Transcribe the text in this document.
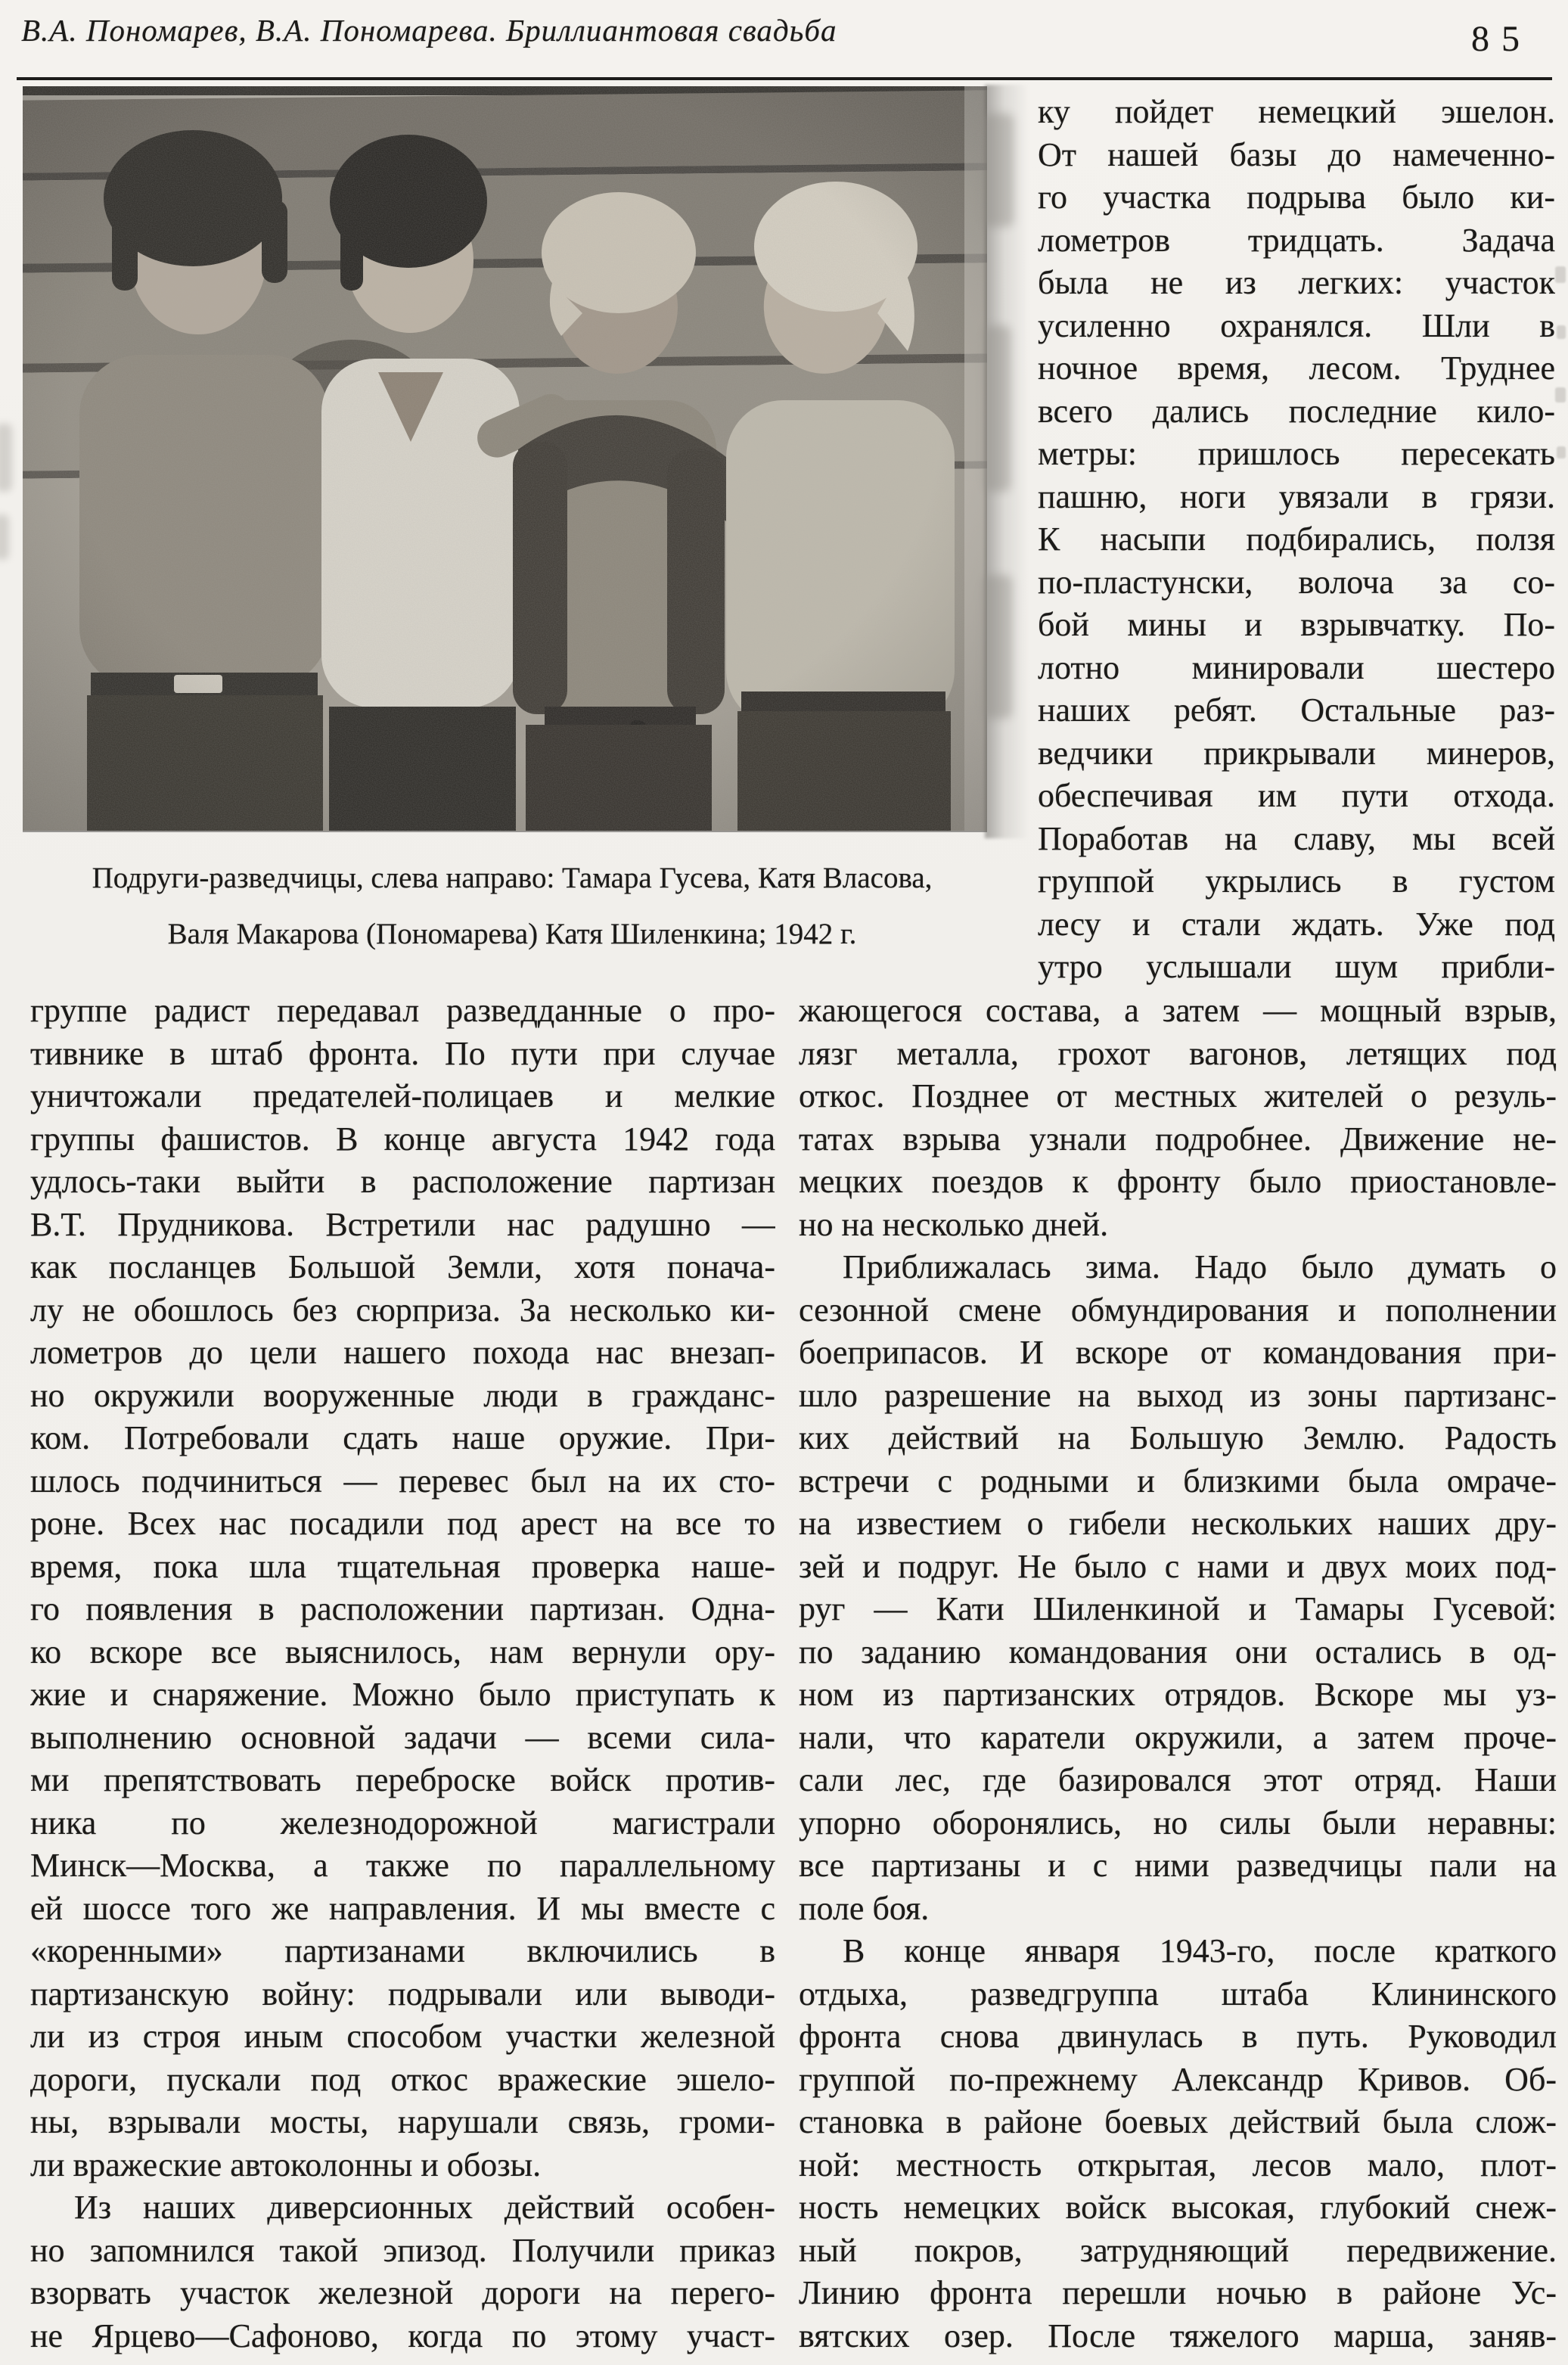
В.А. Пономарев, В.А. Пономарева. Бриллиантовая свадьба	85
Подруги-разведчицы, слева направо: Тамара Гусева, Катя Власова,
Валя Макарова (Пономарева) Катя Шиленкина; 1942 г.
ку пойдет немецкий эшелон.
От нашей базы до намеченно-
го участка подрыва было ки-
лометров тридцать. Задача
была не из легких: участок
усиленно охранялся. Шли в
ночное время, лесом. Труднее
всего дались последние кило-
метры: пришлось пересекать
пашню, ноги увязали в грязи.
К насыпи подбирались, ползя
по-пластунски, волоча за со-
бой мины и взрывчатку. По-
лотно минировали шестеро
наших ребят. Остальные раз-
ведчики прикрывали минеров,
обеспечивая им пути отхода.
Поработав на славу, мы всей
группой укрылись в густом
лесу и стали ждать. Уже под
утро услышали шум прибли-
группе радист передавал разведданные о про-
тивнике в штаб фронта. По пути при случае
уничтожали предателей-полицаев и мелкие
группы фашистов. В конце августа 1942 года
удлось-таки выйти в расположение партизан
В.Т. Прудникова. Встретили нас радушно —
как посланцев Большой Земли, хотя понача-
лу не обошлось без сюрприза. За несколько ки-
лометров до цели нашего похода нас внезап-
но окружили вооруженные люди в гражданс-
ком. Потребовали сдать наше оружие. При-
шлось подчиниться — перевес был на их сто-
роне. Всех нас посадили под арест на все то
время, пока шла тщательная проверка наше-
го появления в расположении партизан. Одна-
ко вскоре все выяснилось, нам вернули ору-
жие и снаряжение. Можно было приступать к
выполнению основной задачи — всеми сила-
ми препятствовать переброске войск против-
ника по железнодорожной магистрали
Минск—Москва, а также по параллельному
ей шоссе того же направления. И мы вместе с
«коренными» партизанами включились в
партизанскую войну: подрывали или выводи-
ли из строя иным способом участки железной
дороги, пускали под откос вражеские эшело-
ны, взрывали мосты, нарушали связь, громи-
ли вражеские автоколонны и обозы.
Из наших диверсионных действий особен-
но запомнился такой эпизод. Получили приказ
взорвать участок железной дороги на перего-
не Ярцево—Сафоново, когда по этому участ-
жающегося состава, а затем — мощный взрыв,
лязг металла, грохот вагонов, летящих под
откос. Позднее от местных жителей о резуль-
татах взрыва узнали подробнее. Движение не-
мецких поездов к фронту было приостановле-
но на несколько дней.
Приближалась зима. Надо было думать о
сезонной смене обмундирования и пополнении
боеприпасов. И вскоре от командования при-
шло разрешение на выход из зоны партизанс-
ких действий на Большую Землю. Радость
встречи с родными и близкими была омраче-
на известием о гибели нескольких наших дру-
зей и подруг. Не было с нами и двух моих под-
руг — Кати Шиленкиной и Тамары Гусевой:
по заданию командования они остались в од-
ном из партизанских отрядов. Вскоре мы уз-
нали, что каратели окружили, а затем проче-
сали лес, где базировался этот отряд. Наши
упорно оборонялись, но силы были неравны:
все партизаны и с ними разведчицы пали на
поле боя.
В конце января 1943-го, после краткого
отдыха, разведгруппа штаба Клининского
фронта снова двинулась в путь. Руководил
группой по-прежнему Александр Кривов. Об-
становка в районе боевых действий была слож-
ной: местность открытая, лесов мало, плот-
ность немецких войск высокая, глубокий снеж-
ный покров, затрудняющий передвижение.
Линию фронта перешли ночью в районе Ус-
вятских озер. После тяжелого марша, заняв-
